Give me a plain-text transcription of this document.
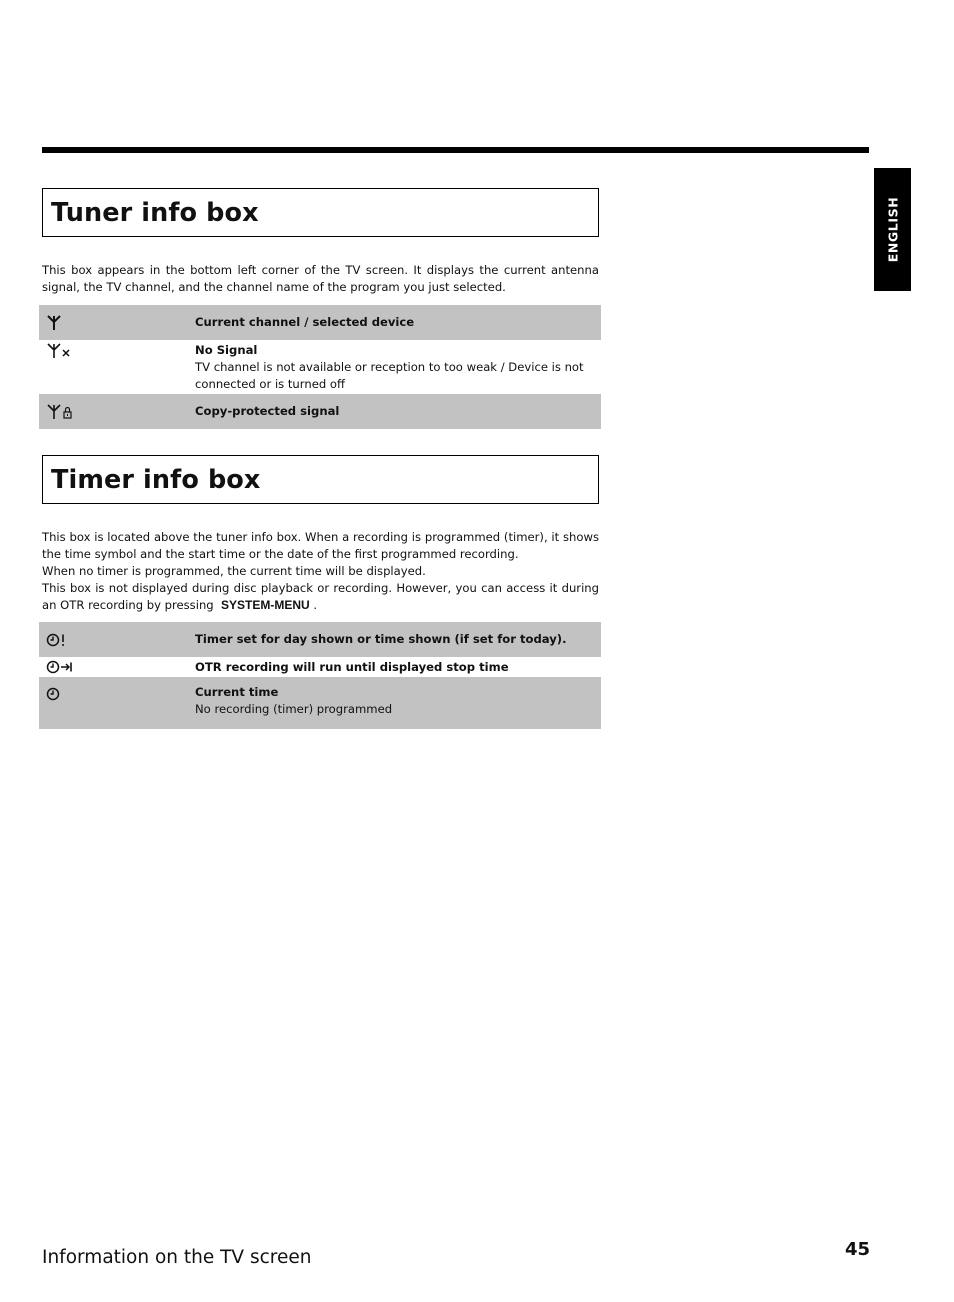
ENGLISH
Tuner info box

This box appears in the bottom left corner of the TV screen. It displays the current antenna signal, the TV channel, and the channel name of the program you just selected.

Current channel / selected device
No Signal
TV channel is not available or reception to too weak / Device is not connected or is turned off
Copy-protected signal
Timer info box

This box is located above the tuner info box. When a recording is programmed (timer), it shows the time symbol and the start time or the date of the first programmed recording.

When no timer is programmed, the current time will be displayed.

This box is not displayed during disc playback or recording. However, you can access it during an OTR recording by pressing SYSTEM-MENU .

Timer set for day shown or time shown (if set for today).
OTR recording will run until displayed stop time
Current time
No recording (timer) programmed

Information on the TV screen	45
